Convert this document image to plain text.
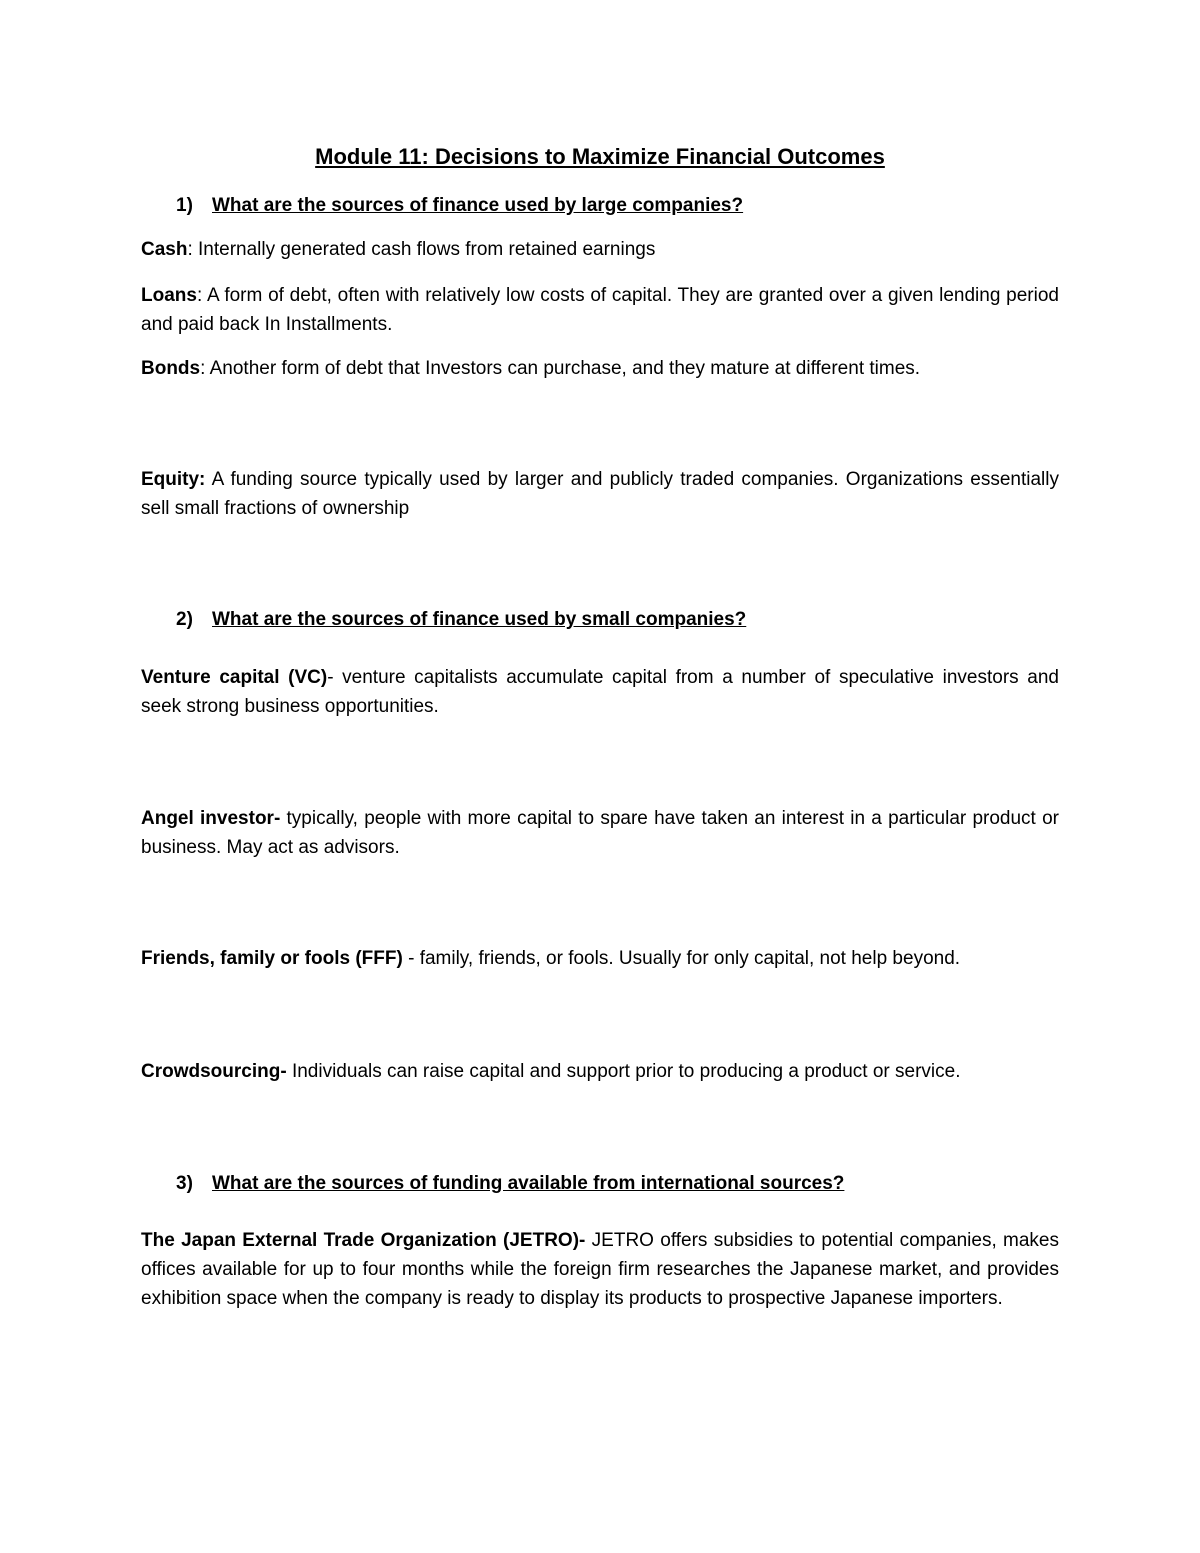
Module 11: Decisions to Maximize Financial Outcomes

1) What are the sources of finance used by large companies?

Cash: Internally generated cash flows from retained earnings

Loans: A form of debt, often with relatively low costs of capital. They are granted over a given lending period and paid back In Installments.

Bonds: Another form of debt that Investors can purchase, and they mature at different times.

Equity: A funding source typically used by larger and publicly traded companies. Organizations essentially sell small fractions of ownership

2) What are the sources of finance used by small companies?

Venture capital (VC)- venture capitalists accumulate capital from a number of speculative investors and seek strong business opportunities.

Angel investor- typically, people with more capital to spare have taken an interest in a particular product or business. May act as advisors.

Friends, family or fools (FFF) - family, friends, or fools. Usually for only capital, not help beyond.

Crowdsourcing- Individuals can raise capital and support prior to producing a product or service.

3) What are the sources of funding available from international sources?

The Japan External Trade Organization (JETRO)- JETRO offers subsidies to potential companies, makes offices available for up to four months while the foreign firm researches the Japanese market, and provides exhibition space when the company is ready to display its products to prospective Japanese importers.
